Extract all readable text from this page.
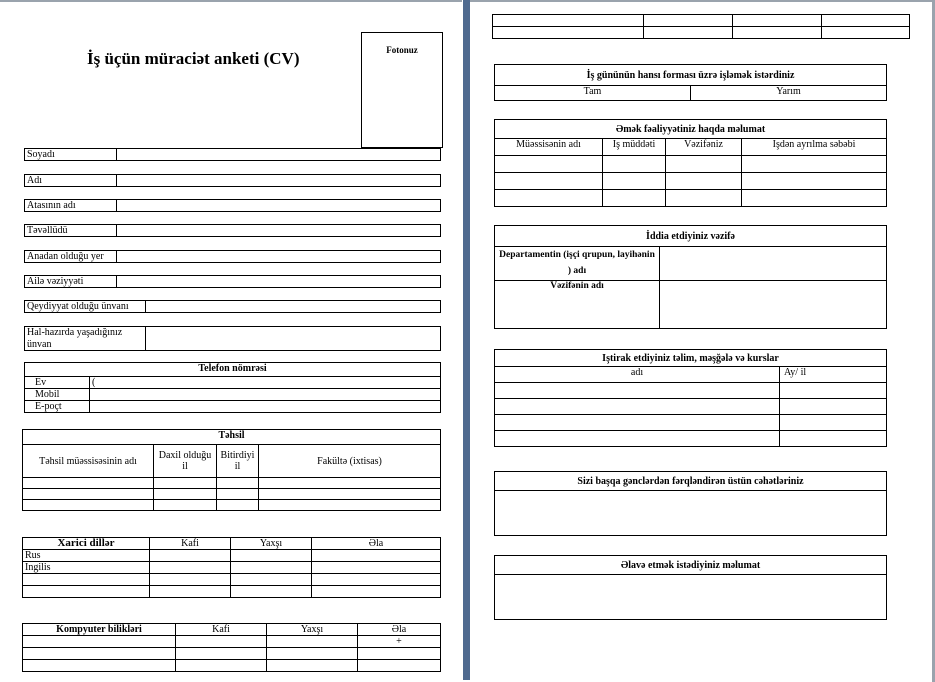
İş üçün müraciət anketi (CV)	Fotonuz
Soyadı
Adı
Atasının adı
Təvəllüdü
Anadan olduğu yer
Ailə vəziyyəti
Qeydiyyat olduğu ünvanı
Hal-hazırda yaşadığınız ünvan
Telefon nömrəsi	
Ev	(
Mobil	
E-poçt	
Təhsil			
Təhsil müəssisəsinin adı	Daxil olduğu il	Bitirdiyi il	Fakültə (ixtisas)

Xarici dillər	Kafi	Yaxşı	Əla
Rus			
Ingilis			

Kompyuter bilikləri	Kafi	Yaxşı	Əla
			+

İş gününün hansı forması üzrə işləmək istərdiniz
Tam	Yarım
Əmək fəaliyyətiniz haqda məlumat			
Müəssisənin adı	Iş müddəti	Vəzifəniz	Işdən ayrılma səbəbi

İddia etdiyiniz vəzifə	
Departamentin (işçi qrupun, layihənin ) adı	
Vəzifənin adı	
Iştirak etdiyiniz təlim, məşğələ və kurslar	
adı	Ay/ il

Sizi başqa gənclərdən fərqləndirən üstün cəhətləriniz

Əlavə etmək istədiyiniz məlumat
